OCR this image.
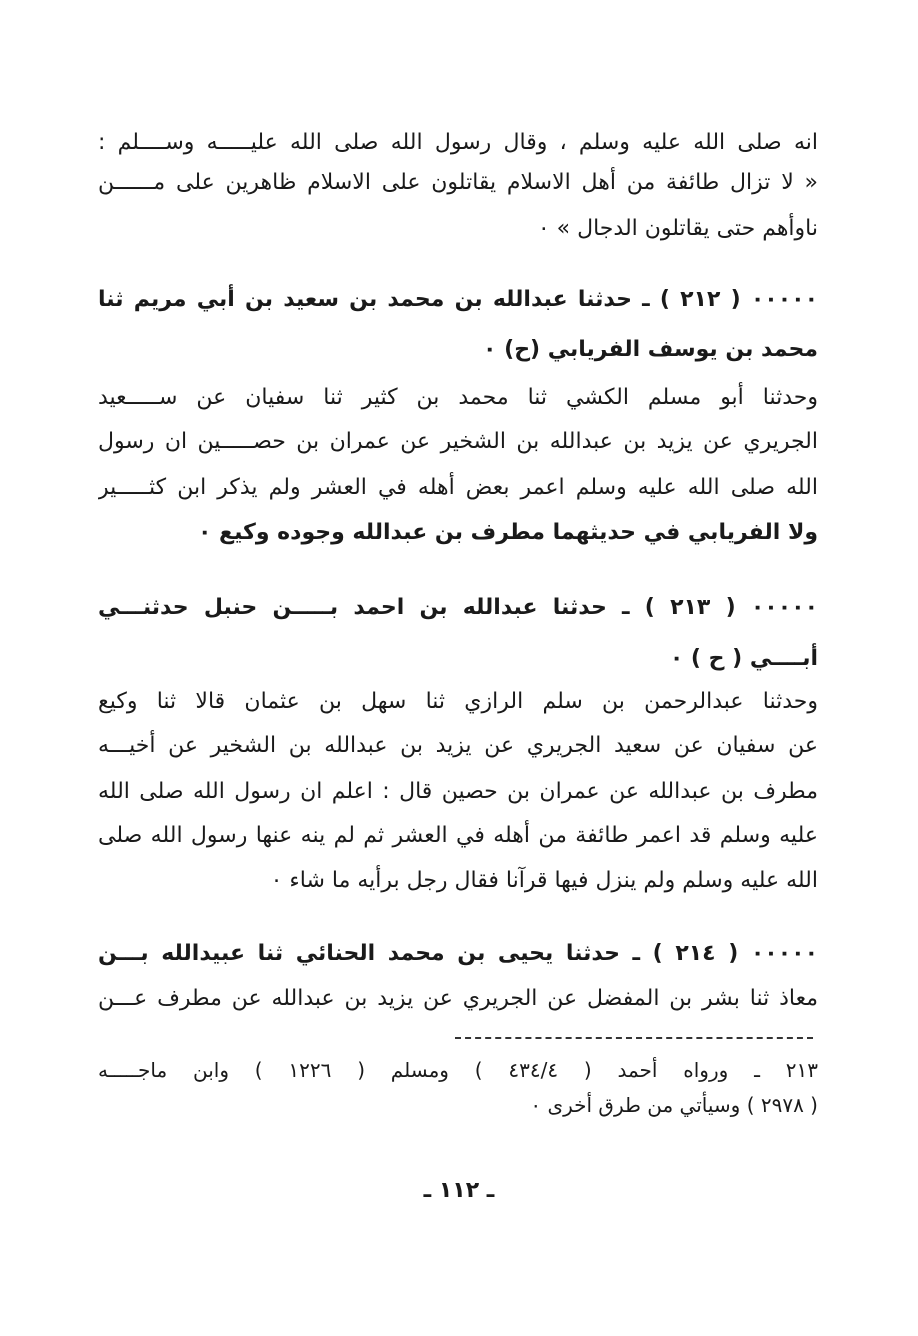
انه صلى الله عليه وسلم ، وقال رسول الله صلى الله عليـــــه وســــلم :
« لا تزال طائفة من أهل الاسلام يقاتلون على الاسلام ظاهرين على مــــــن
ناوأهم حتى يقاتلون الدجال » ٠
٠٠٠٠٠ ( ٢١٢ ) ـ حدثنا عبدالله بن محمد بن سعيد بن أبي مريم ثنا
محمد بن يوسف الفريابي (ح) ٠
وحدثنا أبو مسلم الكشي ثنا محمد بن كثير ثنا سفيان عن ســـــعيد
الجريري عن يزيد بن عبدالله بن الشخير عن عمران بن حصـــــين ان رسول
الله صلى الله عليه وسلم اعمر بعض أهله في العشر ولم يذكر ابن كثـــــير
ولا الفريابي في حديثهما مطرف بن عبدالله وجوده وكيع ٠
٠٠٠٠٠ ( ٢١٣ ) ـ حدثنا عبدالله بن احمد بـــــن حنبل حدثنـــي
أبــــي ( ح ) ٠
وحدثنا عبدالرحمن بن سلم الرازي ثنا سهل بن عثمان قالا ثنا وكيع
عن سفيان عن سعيد الجريري عن يزيد بن عبدالله بن الشخير عن أخيـــه
مطرف بن عبدالله عن عمران بن حصين قال : اعلم ان رسول الله صلى الله
عليه وسلم قد اعمر طائفة من أهله في العشر ثم لم ينه عنها رسول الله صلى
الله عليه وسلم ولم ينزل فيها قرآنا فقال رجل برأيه ما شاء ٠
٠٠٠٠٠ ( ٢١٤ ) ـ حدثنا يحيى بن محمد الحنائي ثنا عبيدالله بـــن
معاذ ثنا بشر بن المفضل عن الجريري عن يزيد بن عبدالله عن مطرف عـــن
٢١٣ ـ ورواه أحمد ( ٤٣٤/٤ ) ومسلم ( ١٢٢٦ ) وابن ماجـــــه
( ٢٩٧٨ ) وسيأتي من طرق أخرى ٠
ـ ١١٢ ـ
